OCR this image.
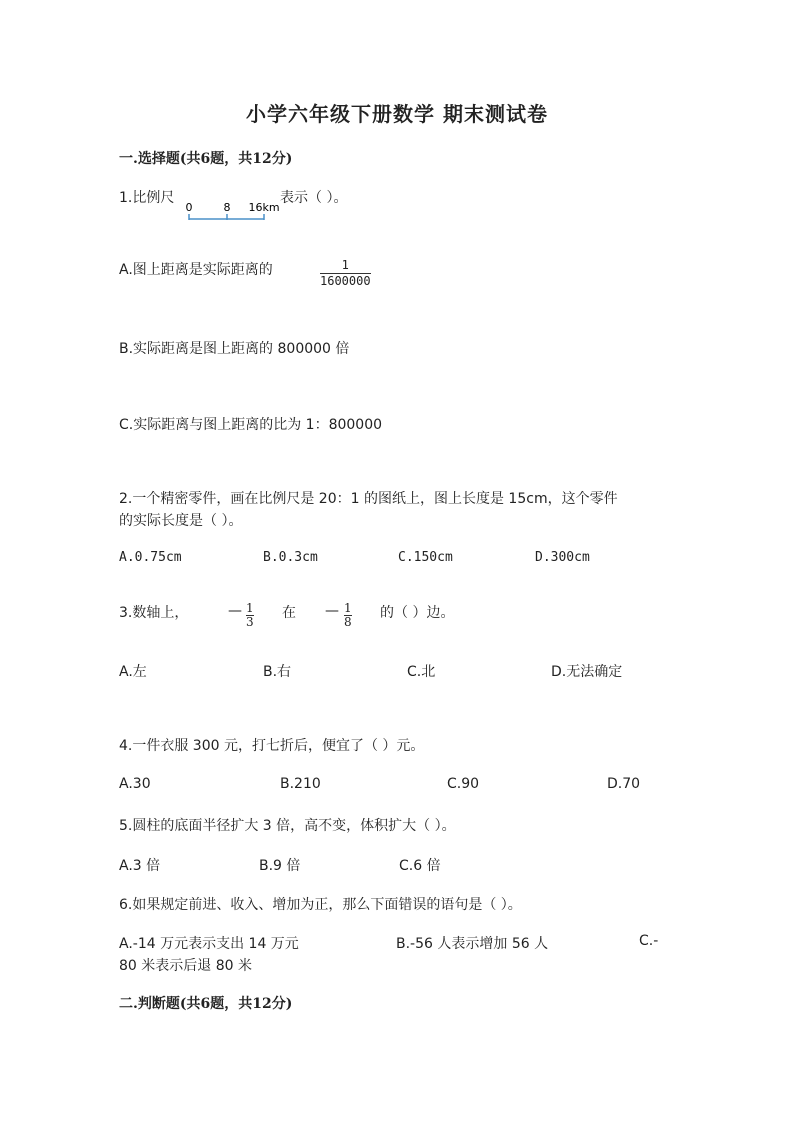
小学六年级下册数学 期末测试卷
一.选择题(共6题，共12分)
1.比例尺
0	8 16km
表示（ ）。
A.图上距离是实际距离的	$\frac{1}{1600000}$
B.实际距离是图上距离的 800000 倍
C.实际距离与图上距离的比为 1：800000
2.一个精密零件，画在比例尺是 20：1 的图纸上，图上长度是 15cm，这个零件
的实际长度是（ ）。
A.0.75cm	B.0.3cm	C.150cm	D.300cm
3.数轴上，	— $\frac{1}{3}$ 在 — $\frac{1}{8}$ 的（ ）边。
A.左	B.右	C.北	D.无法确定
4.一件衣服 300 元，打七折后，便宜了（ ）元。
A.30	B.210	C.90	D.70
5.圆柱的底面半径扩大 3 倍，高不变，体积扩大（ ）。
A.3 倍	B.9 倍	C.6 倍
6.如果规定前进、收入、增加为正，那么下面错误的语句是（ ）。
A.-14 万元表示支出 14 万元	B.-56 人表示增加 56 人	C.-
80 米表示后退 80 米
二.判断题(共6题，共12分)
